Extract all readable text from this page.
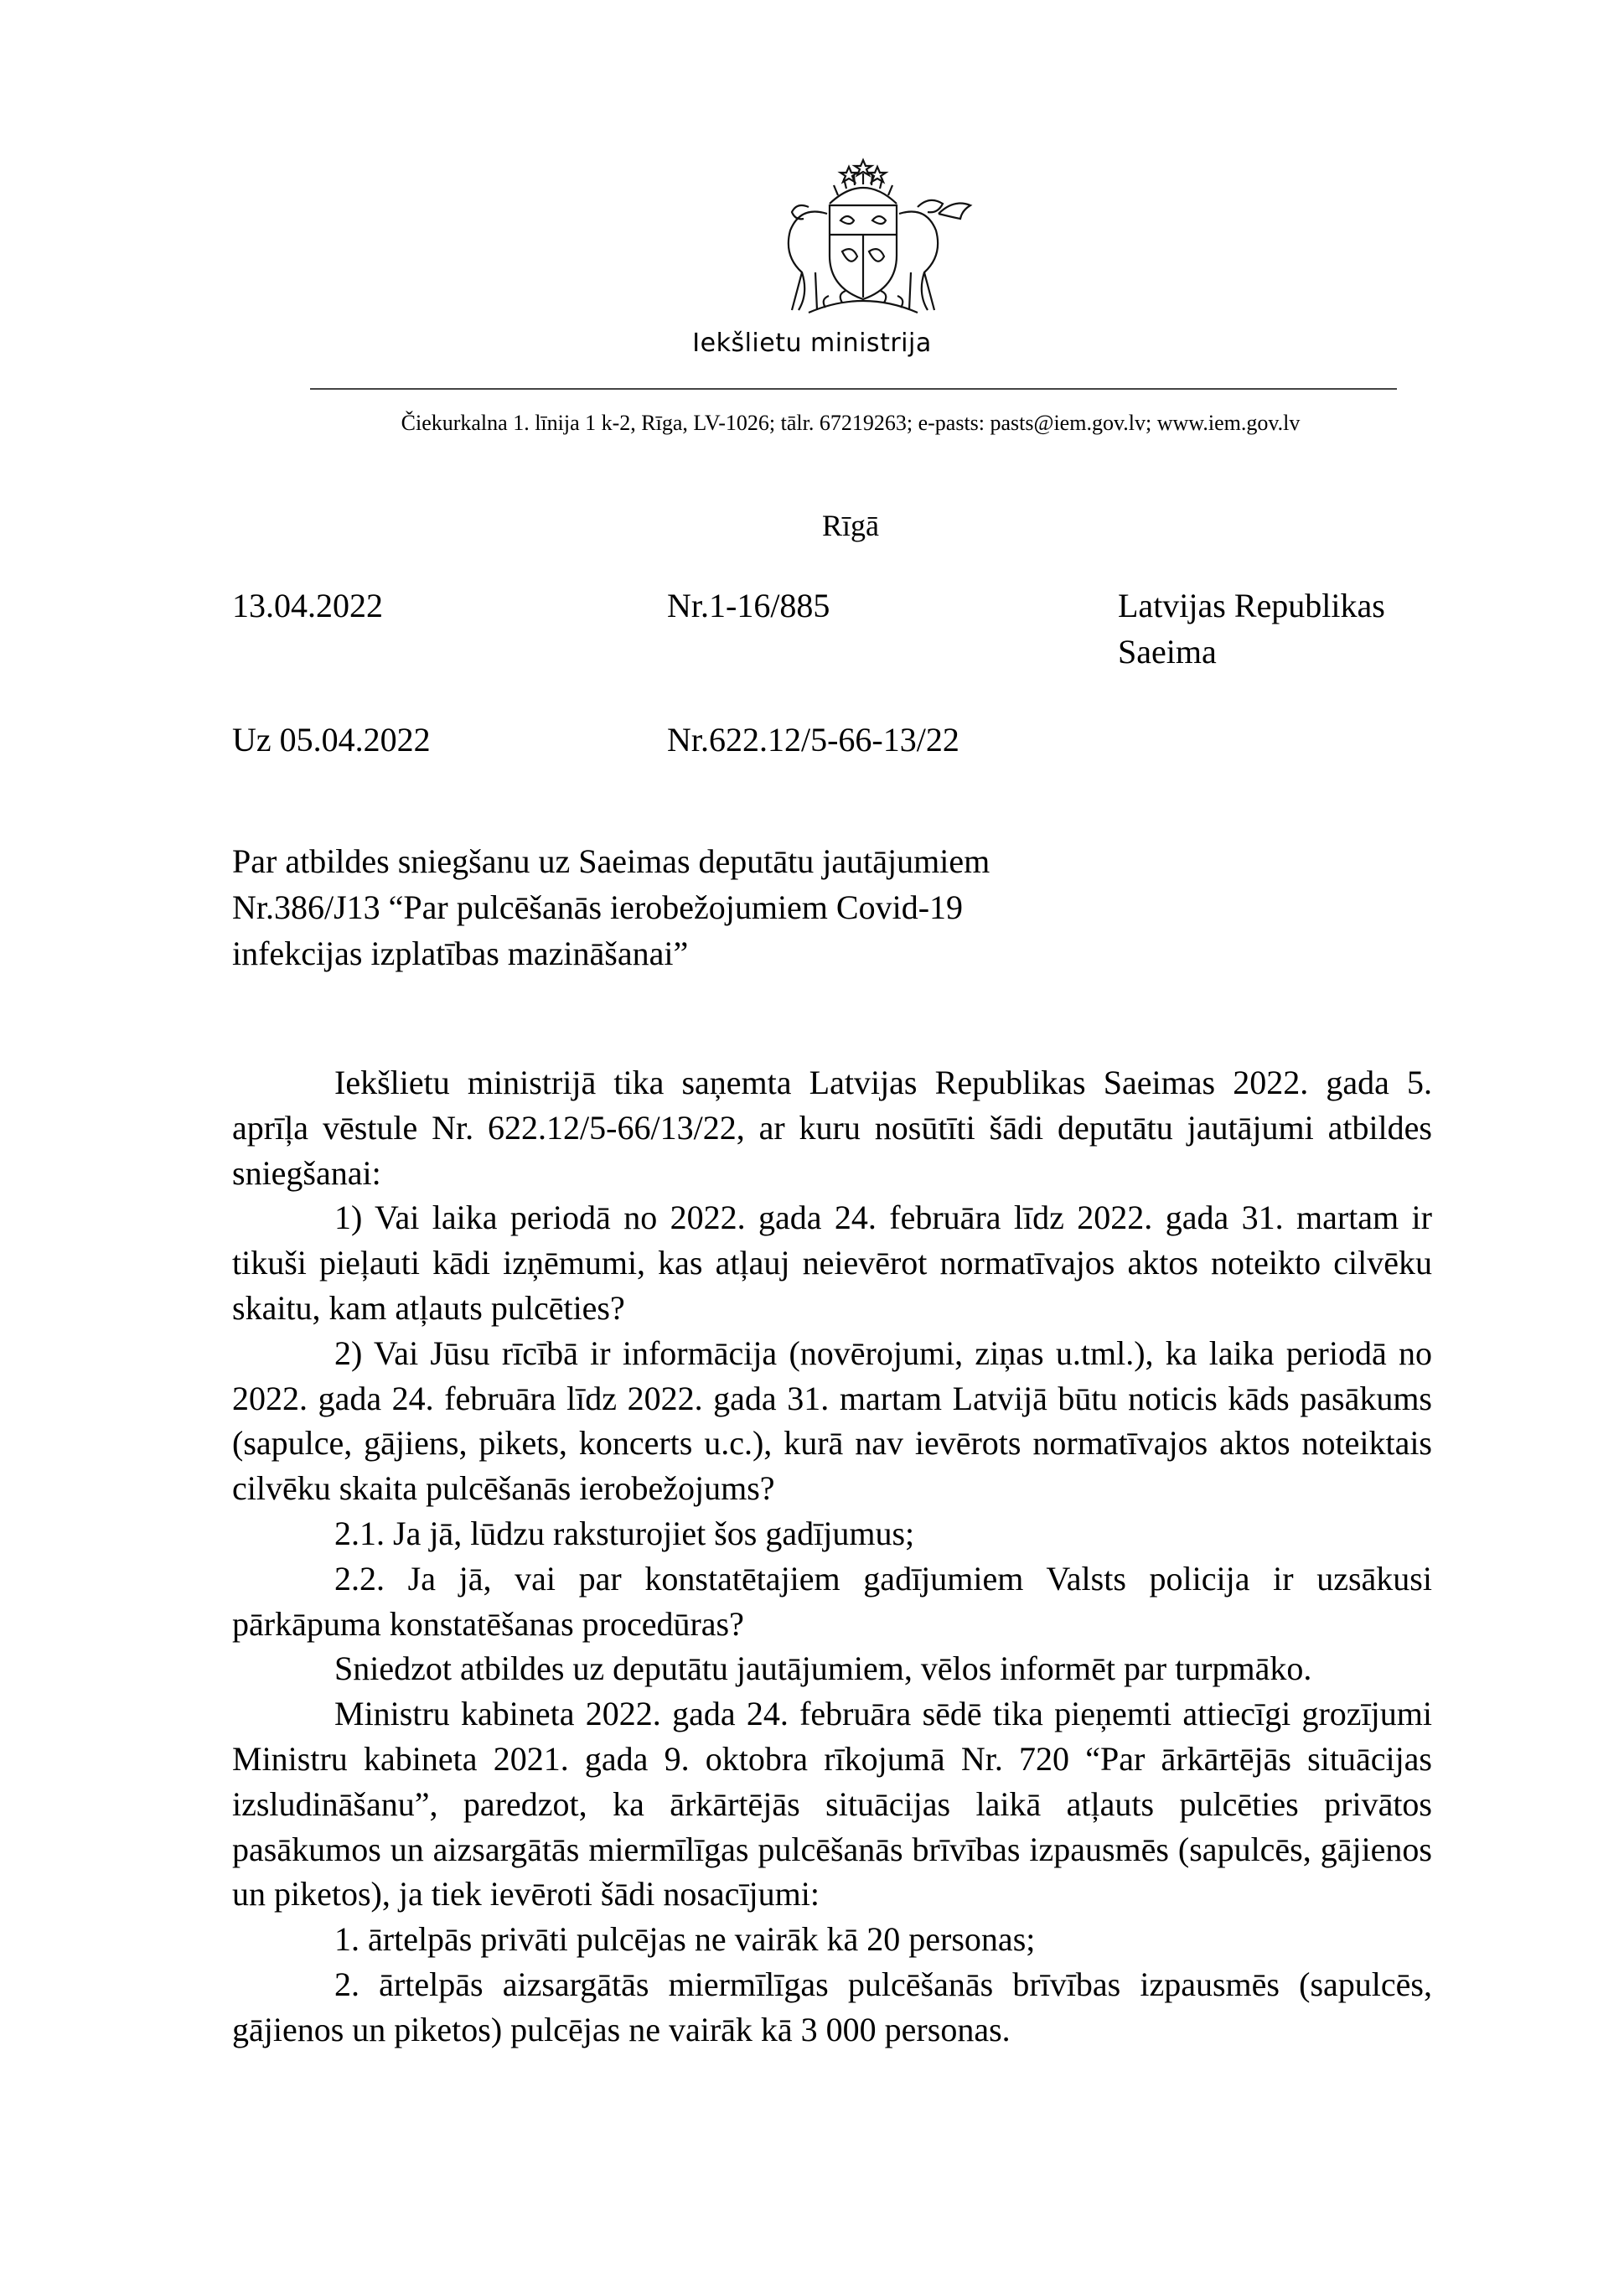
Iekšlietu ministrija
Čiekurkalna 1. līnija 1 k-2, Rīga, LV-1026; tālr. 67219263; e-pasts: pasts@iem.gov.lv; www.iem.gov.lv
Rīgā
13.04.2022	Nr.1-16/885	Latvijas Republikas
Saeima
Uz 05.04.2022	Nr.622.12/5-66-13/22
Par atbildes sniegšanu uz Saeimas deputātu jautājumiem
Nr.386/J13 “Par pulcēšanās ierobežojumiem Covid-19
infekcijas izplatības mazināšanai”

Iekšlietu ministrijā tika saņemta Latvijas Republikas Saeimas 2022. gada 5. aprīļa vēstule Nr. 622.12/5-66/13/22, ar kuru nosūtīti šādi deputātu jautājumi atbildes sniegšanai:

1) Vai laika periodā no 2022. gada 24. februāra līdz 2022. gada 31. martam ir tikuši pieļauti kādi izņēmumi, kas atļauj neievērot normatīvajos aktos noteikto cilvēku skaitu, kam atļauts pulcēties?

2) Vai Jūsu rīcībā ir informācija (novērojumi, ziņas u.tml.), ka laika periodā no 2022. gada 24. februāra līdz 2022. gada 31. martam Latvijā būtu noticis kāds pasākums (sapulce, gājiens, pikets, koncerts u.c.), kurā nav ievērots normatīvajos aktos noteiktais cilvēku skaita pulcēšanās ierobežojums?

2.1. Ja jā, lūdzu raksturojiet šos gadījumus;

2.2. Ja jā, vai par konstatētajiem gadījumiem Valsts policija ir uzsākusi pārkāpuma konstatēšanas procedūras?

Sniedzot atbildes uz deputātu jautājumiem, vēlos informēt par turpmāko.

Ministru kabineta 2022. gada 24. februāra sēdē tika pieņemti attiecīgi grozījumi Ministru kabineta 2021. gada 9. oktobra rīkojumā Nr. 720 “Par ārkārtējās situācijas izsludināšanu”, paredzot, ka ārkārtējās situācijas laikā atļauts pulcēties privātos pasākumos un aizsargātās miermīlīgas pulcēšanās brīvības izpausmēs (sapulcēs, gājienos un piketos), ja tiek ievēroti šādi nosacījumi:

1. ārtelpās privāti pulcējas ne vairāk kā 20 personas;

2. ārtelpās aizsargātās miermīlīgas pulcēšanās brīvības izpausmēs (sapulcēs, gājienos un piketos) pulcējas ne vairāk kā 3 000 personas.
